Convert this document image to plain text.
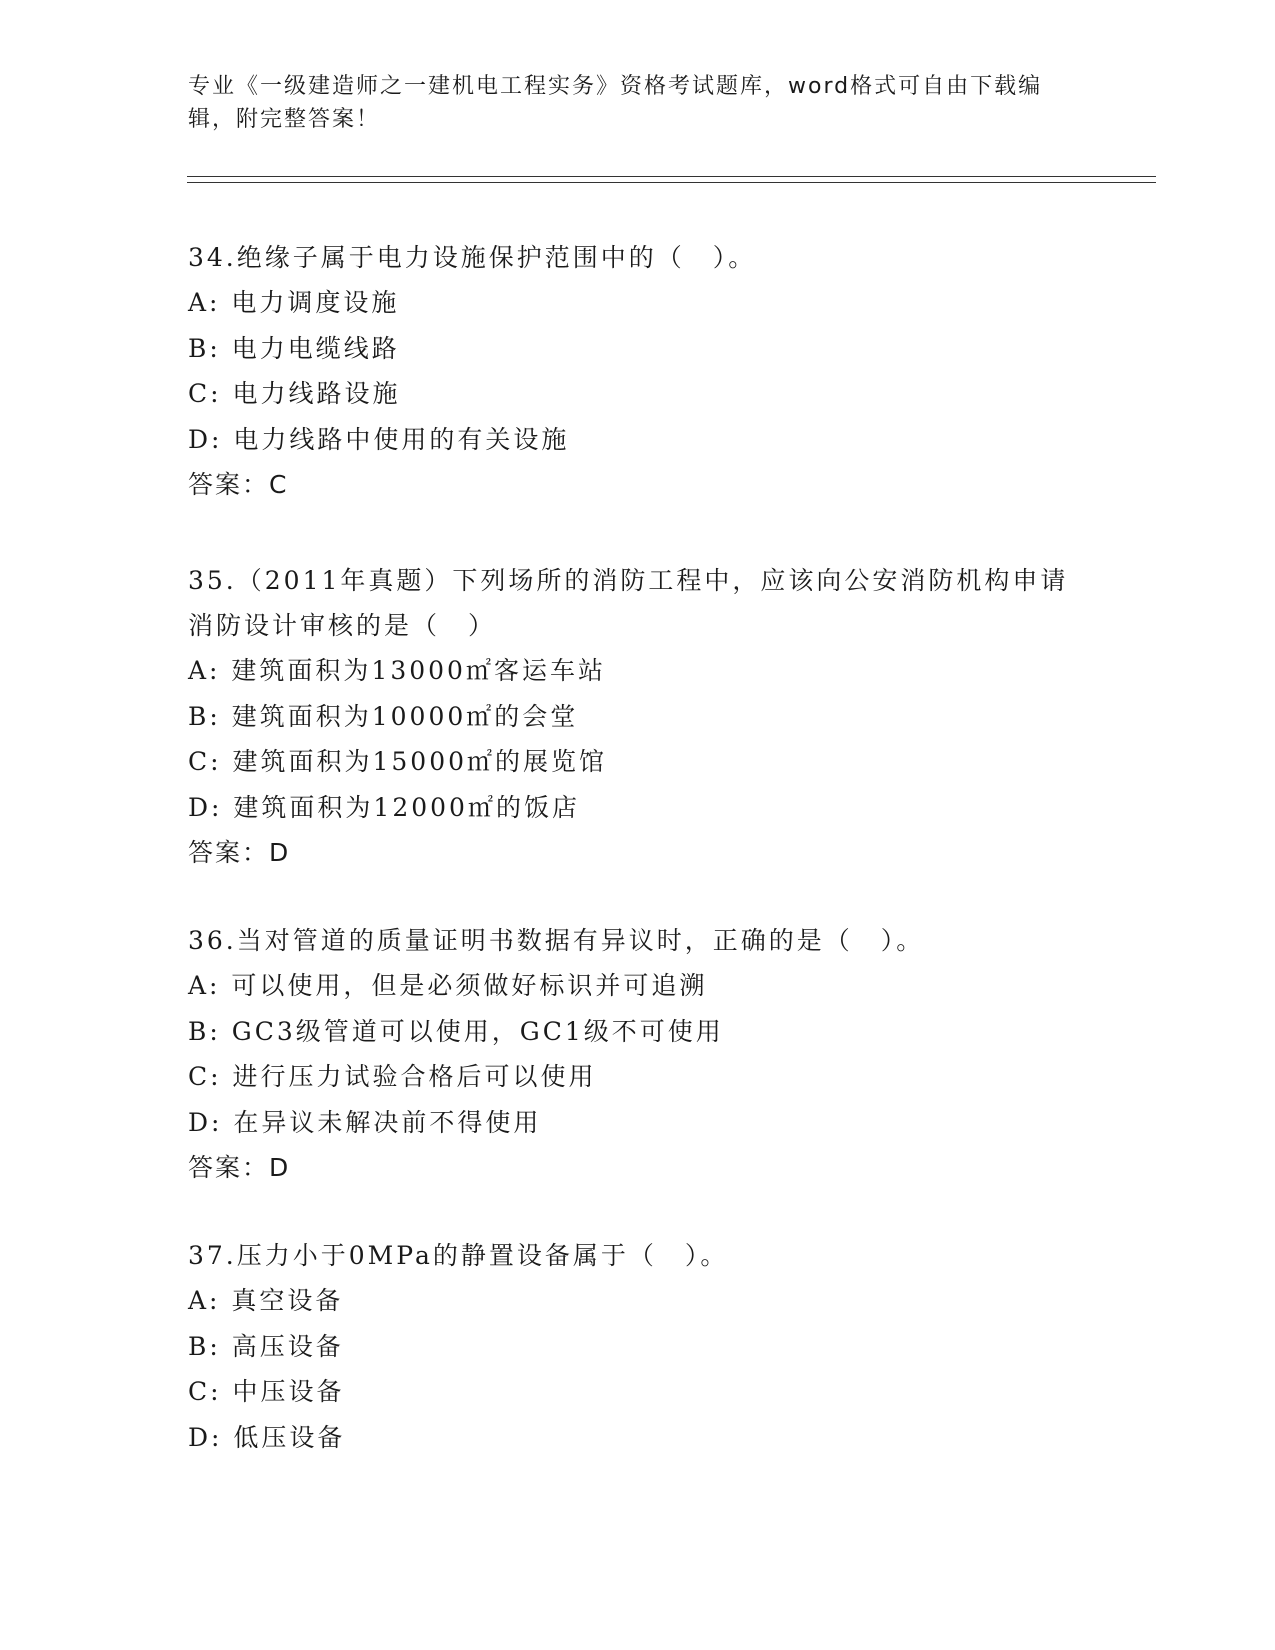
专业《一级建造师之一建机电工程实务》资格考试题库，word格式可自由下载编辑，附完整答案！
34.绝缘子属于电力设施保护范围中的（　）。
A: 电力调度设施
B: 电力电缆线路
C: 电力线路设施
D: 电力线路中使用的有关设施
答案：C
35.（2011年真题）下列场所的消防工程中，应该向公安消防机构申请消防设计审核的是（　）
A: 建筑面积为13000㎡客运车站
B: 建筑面积为10000㎡的会堂
C: 建筑面积为15000㎡的展览馆
D: 建筑面积为12000㎡的饭店
答案：D
36.当对管道的质量证明书数据有异议时，正确的是（　）。
A: 可以使用，但是必须做好标识并可追溯
B: GC3级管道可以使用，GC1级不可使用
C: 进行压力试验合格后可以使用
D: 在异议未解决前不得使用
答案：D
37.压力小于0MPa的静置设备属于（　）。
A: 真空设备
B: 高压设备
C: 中压设备
D: 低压设备
